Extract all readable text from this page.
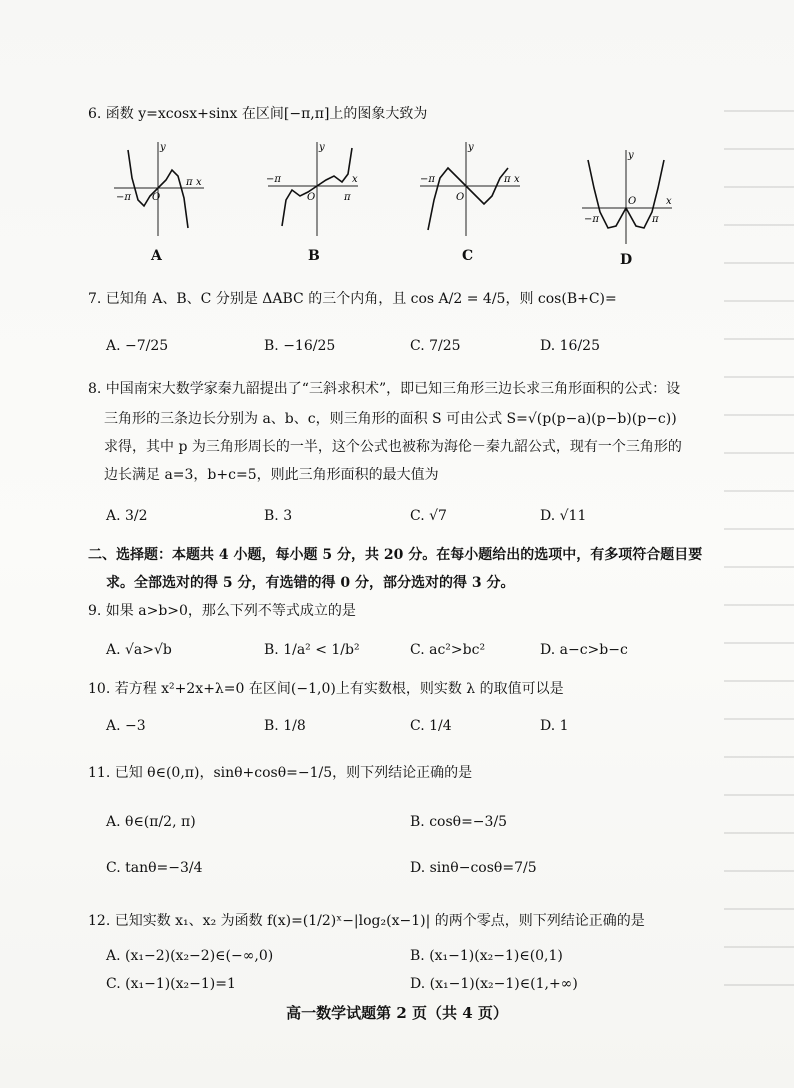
6. 函数 y=xcosx+sinx 在区间[−π,π]上的图象大致为
y
x
O
π
−π
A
y
x
O	π
−π
B
y
x
O
π
−π
C
y
x
O
π
−π
D
7. 已知角 A、B、C 分别是 ΔABC 的三个内角，且 cos A/2 = 4/5，则 cos(B+C)=
A. −7/25	B. −16/25	C. 7/25	D. 16/25
8. 中国南宋大数学家秦九韶提出了“三斜求积术”，即已知三角形三边长求三角形面积的公式：设
三角形的三条边长分别为 a、b、c，则三角形的面积 S 可由公式 S=√(p(p−a)(p−b)(p−c))
求得，其中 p 为三角形周长的一半，这个公式也被称为海伦－秦九韶公式，现有一个三角形的
边长满足 a=3，b+c=5，则此三角形面积的最大值为
A. 3/2	B. 3	C. √7	D. √11
二、选择题：本题共 4 小题，每小题 5 分，共 20 分。在每小题给出的选项中，有多项符合题目要
求。全部选对的得 5 分，有选错的得 0 分，部分选对的得 3 分。
9. 如果 a>b>0，那么下列不等式成立的是
A. √a>√b	B. 1/a² < 1/b²	C. ac²>bc²	D. a−c>b−c
10. 若方程 x²+2x+λ=0 在区间(−1,0)上有实数根，则实数 λ 的取值可以是
A. −3	B. 1/8	C. 1/4	D. 1
11. 已知 θ∈(0,π)，sinθ+cosθ=−1/5，则下列结论正确的是
A. θ∈(π/2, π)	B. cosθ=−3/5
C. tanθ=−3/4	D. sinθ−cosθ=7/5
12. 已知实数 x₁、x₂ 为函数 f(x)=(1/2)ˣ−|log₂(x−1)| 的两个零点，则下列结论正确的是
A. (x₁−2)(x₂−2)∈(−∞,0)	B. (x₁−1)(x₂−1)∈(0,1)
C. (x₁−1)(x₂−1)=1	D. (x₁−1)(x₂−1)∈(1,+∞)
高一数学试题第 2 页（共 4 页）
